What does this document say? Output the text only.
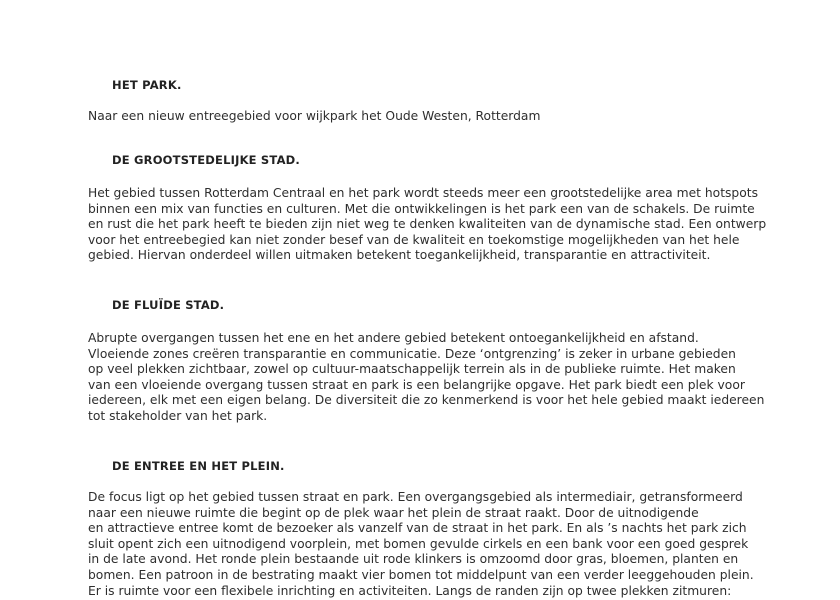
HET PARK.
Naar een nieuw entreegebied voor wijkpark het Oude Westen, Rotterdam
DE GROOTSTEDELIJKE STAD.
Het gebied tussen Rotterdam Centraal en het park wordt steeds meer een grootstedelijke area met hotspots
binnen een mix van functies en culturen. Met die ontwikkelingen is het park een van de schakels. De ruimte
en rust die het park heeft te bieden zijn niet weg te denken kwaliteiten van de dynamische stad. Een ontwerp
voor het entreebegied kan niet zonder besef van de kwaliteit en toekomstige mogelijkheden van het hele
gebied. Hiervan onderdeel willen uitmaken betekent toegankelijkheid, transparantie en attractiviteit.
DE FLUÏDE STAD.
Abrupte overgangen tussen het ene en het andere gebied betekent ontoegankelijkheid en afstand.
Vloeiende zones creëren transparantie en communicatie. Deze ‘ontgrenzing’ is zeker in urbane gebieden
op veel plekken zichtbaar, zowel op cultuur-maatschappelijk terrein als in de publieke ruimte. Het maken
van een vloeiende overgang tussen straat en park is een belangrijke opgave. Het park biedt een plek voor
iedereen, elk met een eigen belang. De diversiteit die zo kenmerkend is voor het hele gebied maakt iedereen
tot stakeholder van het park.
DE ENTREE EN HET PLEIN.
De focus ligt op het gebied tussen straat en park. Een overgangsgebied als intermediair, getransformeerd
naar een nieuwe ruimte die begint op de plek waar het plein de straat raakt. Door de uitnodigende
en attractieve entree komt de bezoeker als vanzelf van de straat in het park. En als ’s nachts het park zich
sluit opent zich een uitnodigend voorplein, met bomen gevulde cirkels en een bank voor een goed gesprek
in de late avond. Het ronde plein bestaande uit rode klinkers is omzoomd door gras, bloemen, planten en
bomen. Een patroon in de bestrating maakt vier bomen tot middelpunt van een verder leeggehouden plein.
Er is ruimte voor een flexibele inrichting en activiteiten. Langs de randen zijn op twee plekken zitmuren:
